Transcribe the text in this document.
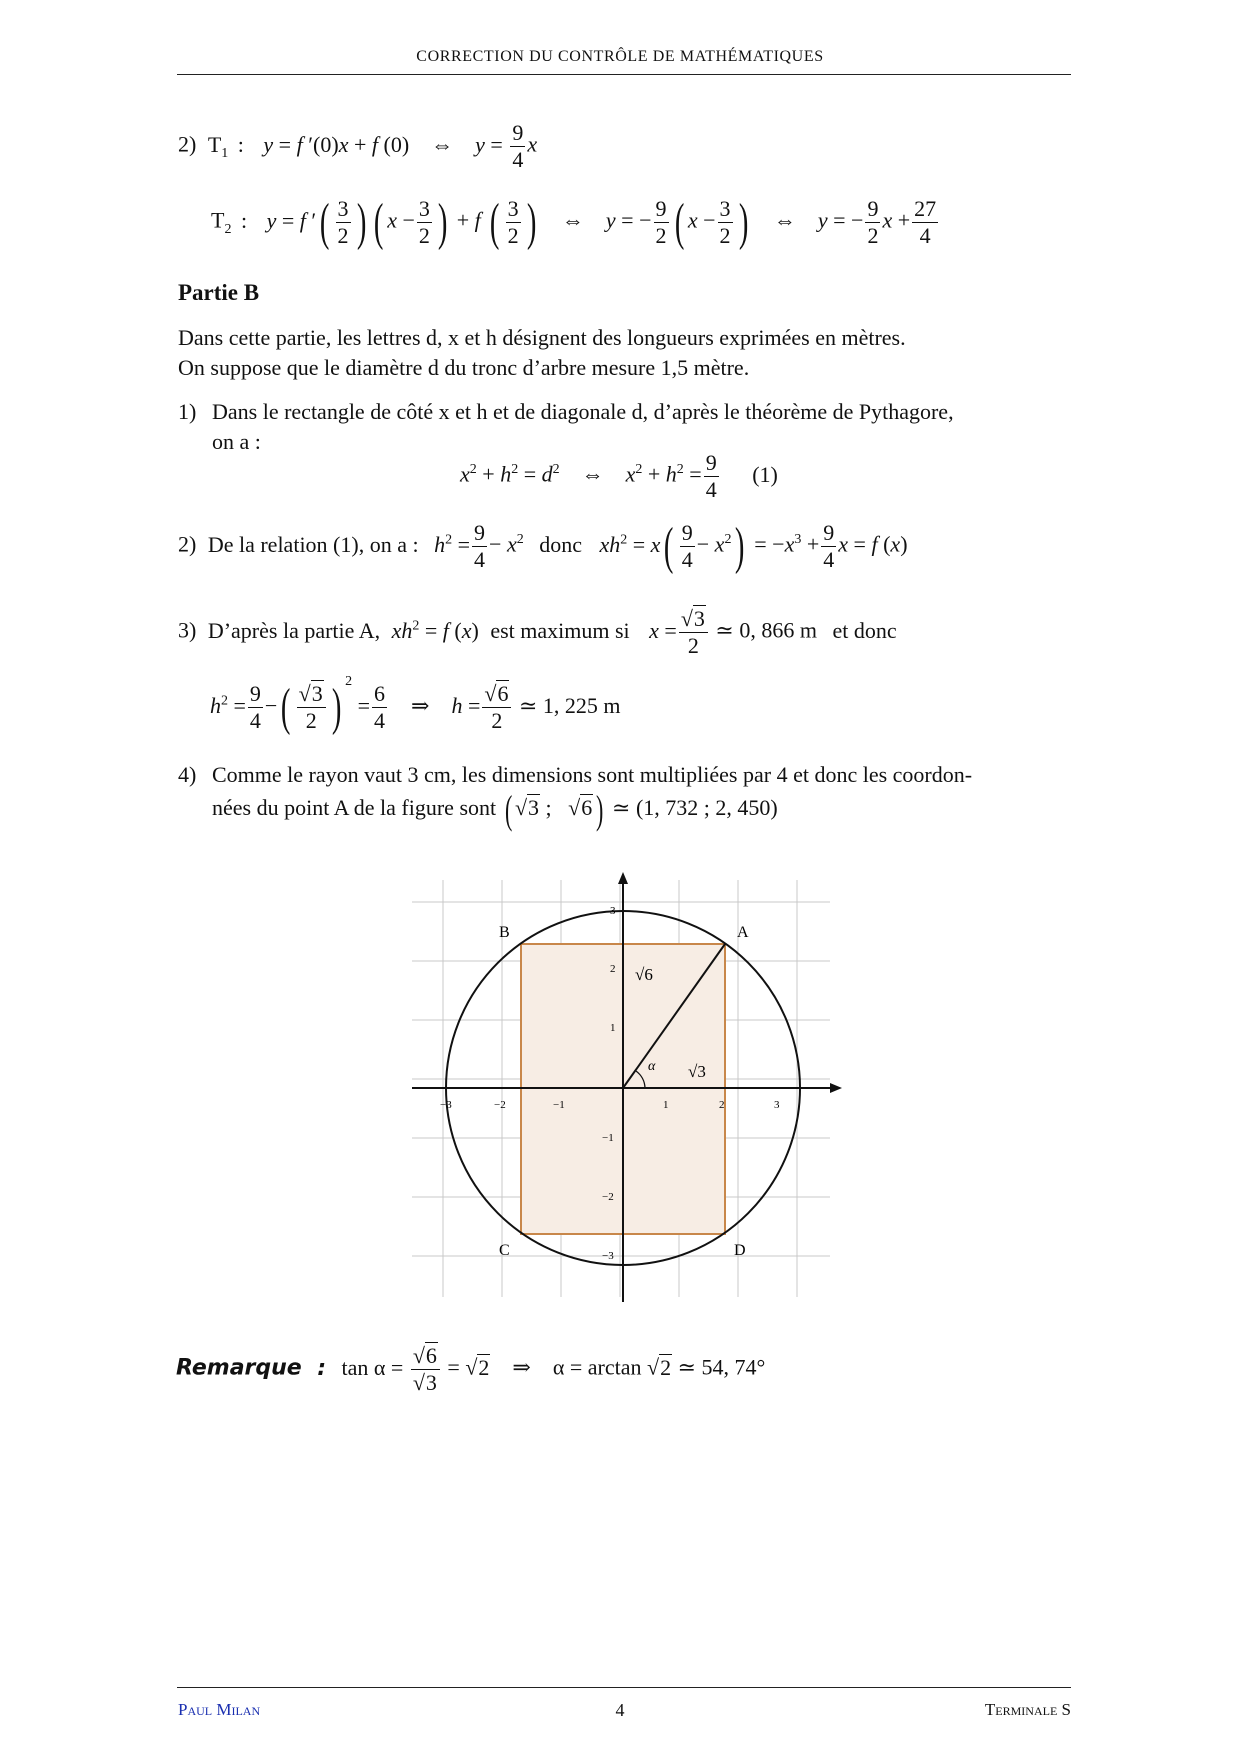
CORRECTION DU CONTRÔLE DE MATHÉMATIQUES
2) $T_1$ : y = f ′(0)x + f (0)    ⇔    $y = \frac{9}{4}$ x
$T_2$ : y = f ′( $\frac{3}{2}$ ) ( $x - \frac{3}{2}$ ) + f ( $\frac{3}{2}$ )    ⇔    y = − $\frac{9}{2}$ ( $x - \frac{3}{2}$ )    ⇔    y = − $\frac{9}{2}$ $x + \frac{27}{4}$
Partie B
Dans cette partie, les lettres d, x et h désignent des longueurs exprimées en mètres.
On suppose que le diamètre d du tronc d’arbre mesure 1,5 mètre.
1) Dans le rectangle de côté x et h et de diagonale d, d’après le théorème de Pythagore,
on a :
$x^2 + h^2 = d^2$    ⇔    $x^2 + h^2 = \frac{9}{4} (1)$
2) De la relation (1), on a : $h^2 = \frac{9}{4} - x^2$ donc $xh^2 = x( \frac{9}{4} - x^2) = -x^3 + \frac{9}{4}$ x = f (x)
3) D’après la partie A, $xh^2 = f$ (x) est maximum si $x = \frac{√3}{2}$ ≃ 0, 866 m et donc
$h^2 = \frac{9}{4}$ −( $\frac{√3}{2}$ ) $^2 = \frac{6}{4}$ ⇒    $h = \frac{√6}{2}$ ≃ 1, 225 m
4) Comme le rayon vaut 3 cm, les dimensions sont multipliées par 4 et donc les coordon-
nées du point A de la figure sont ( √3 ;   √6) ≃ (1, 732 ; 2, 450)
A
B
C	D
√6
√3
α
−3	−2	−1	1	2	3
3
2
1
−1
−2
−3
Remarque : $\tan \alpha = \frac{√6}{√3} = √2$    ⇒    α = arctan √2 ≃ 54, 74°
Paul Milan	4	Terminale S
